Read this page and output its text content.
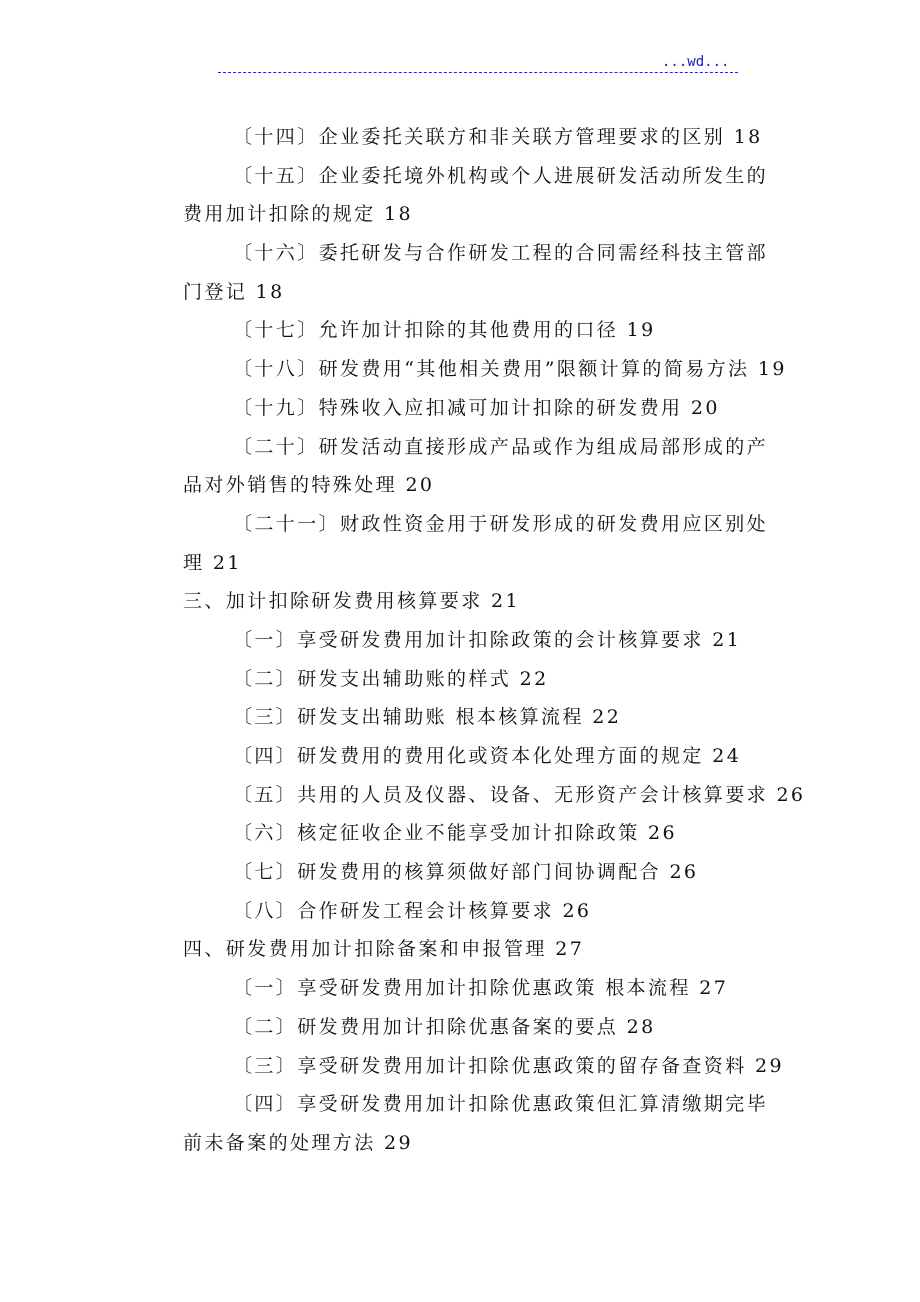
...wd...
〔十四〕企业委托关联方和非关联方管理要求的区别 18
〔十五〕企业委托境外机构或个人进展研发活动所发生的
费用加计扣除的规定 18
〔十六〕委托研发与合作研发工程的合同需经科技主管部
门登记 18
〔十七〕允许加计扣除的其他费用的口径 19
〔十八〕研发费用“其他相关费用”限额计算的简易方法 19
〔十九〕特殊收入应扣减可加计扣除的研发费用 20
〔二十〕研发活动直接形成产品或作为组成局部形成的产
品对外销售的特殊处理 20
〔二十一〕财政性资金用于研发形成的研发费用应区别处
理 21
三、加计扣除研发费用核算要求 21
〔一〕享受研发费用加计扣除政策的会计核算要求 21
〔二〕研发支出辅助账的样式 22
〔三〕研发支出辅助账 根本核算流程 22
〔四〕研发费用的费用化或资本化处理方面的规定 24
〔五〕共用的人员及仪器、设备、无形资产会计核算要求 26
〔六〕核定征收企业不能享受加计扣除政策 26
〔七〕研发费用的核算须做好部门间协调配合 26
〔八〕合作研发工程会计核算要求 26
四、研发费用加计扣除备案和申报管理 27
〔一〕享受研发费用加计扣除优惠政策 根本流程 27
〔二〕研发费用加计扣除优惠备案的要点 28
〔三〕享受研发费用加计扣除优惠政策的留存备查资料 29
〔四〕享受研发费用加计扣除优惠政策但汇算清缴期完毕
前未备案的处理方法 29
